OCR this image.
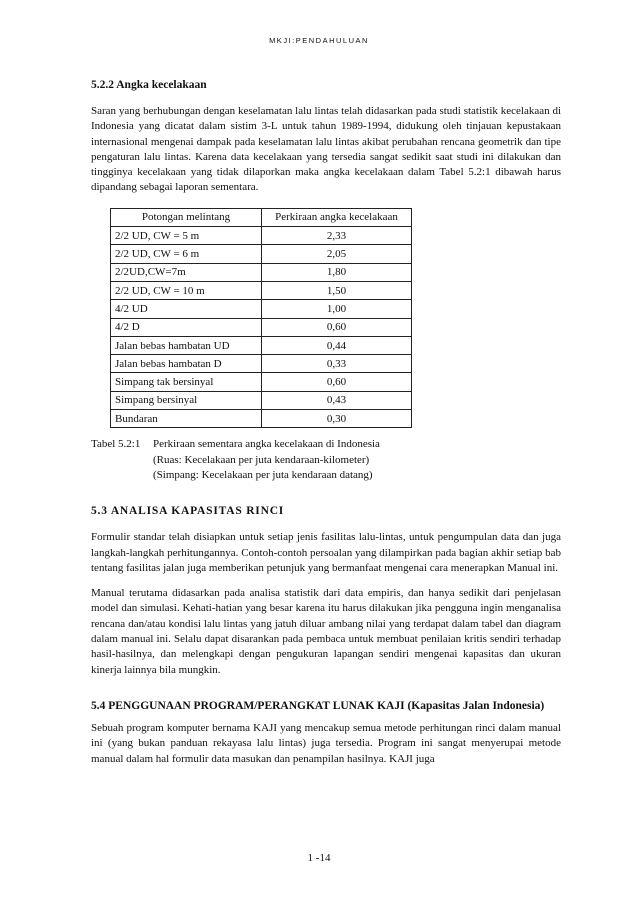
MKJI:PENDAHULUAN
5.2.2 Angka kecelakaan

Saran yang berhubungan dengan keselamatan lalu lintas telah didasarkan pada studi statistik kecelakaan di Indonesia yang dicatat dalam sistim 3-L untuk tahun 1989-1994, didukung oleh tinjauan kepustakaan internasional mengenai dampak pada keselamatan lalu lintas akibat perubahan rencana geometrik dan tipe pengaturan lalu lintas. Karena data kecelakaan yang tersedia sangat sedikit saat studi ini dilakukan dan tingginya kecelakaan yang tidak dilaporkan maka angka kecelakaan dalam Tabel 5.2:1 dibawah harus dipandang sebagai laporan sementara.

Potongan melintang	Perkiraan angka kecelakaan
2/2 UD, CW = 5 m	2,33
2/2 UD, CW = 6 m	2,05
2/2UD,CW=7m	1,80
2/2 UD, CW = 10 m	1,50
4/2 UD	1,00
4/2 D	0,60
Jalan bebas hambatan UD	0,44
Jalan bebas hambatan D	0,33
Simpang tak bersinyal	0,60
Simpang bersinyal	0,43
Bundaran	0,30
Tabel 5.2:1	Perkiraan sementara angka kecelakaan di Indonesia
(Ruas: Kecelakaan per juta kendaraan-kilometer)
(Simpang: Kecelakaan per juta kendaraan datang)
5.3 ANALISA KAPASITAS RINCI

Formulir standar telah disiapkan untuk setiap jenis fasilitas lalu-lintas, untuk pengumpulan data dan juga langkah-langkah perhitungannya. Contoh-contoh persoalan yang dilampirkan pada bagian akhir setiap bab tentang fasilitas jalan juga memberikan petunjuk yang bermanfaat mengenai cara menerapkan Manual ini.

Manual terutama didasarkan pada analisa statistik dari data empiris, dan hanya sedikit dari penjelasan model dan simulasi. Kehati-hatian yang besar karena itu harus dilakukan jika pengguna ingin menganalisa rencana dan/atau kondisi lalu lintas yang jatuh diluar ambang nilai yang terdapat dalam tabel dan diagram dalam manual ini. Selalu dapat disarankan pada pembaca untuk membuat penilaian kritis sendiri terhadap hasil-hasilnya, dan melengkapi dengan pengukuran lapangan sendiri mengenai kapasitas dan ukuran kinerja lainnya bila mungkin.

5.4 PENGGUNAAN PROGRAM/PERANGKAT LUNAK KAJI (Kapasitas Jalan Indonesia)

Sebuah program komputer bernama KAJI yang mencakup semua metode perhitungan rinci dalam manual ini (yang bukan panduan rekayasa lalu lintas) juga tersedia. Program ini sangat menyerupai metode manual dalam hal formulir data masukan dan penampilan hasilnya. KAJI juga

1 -14
